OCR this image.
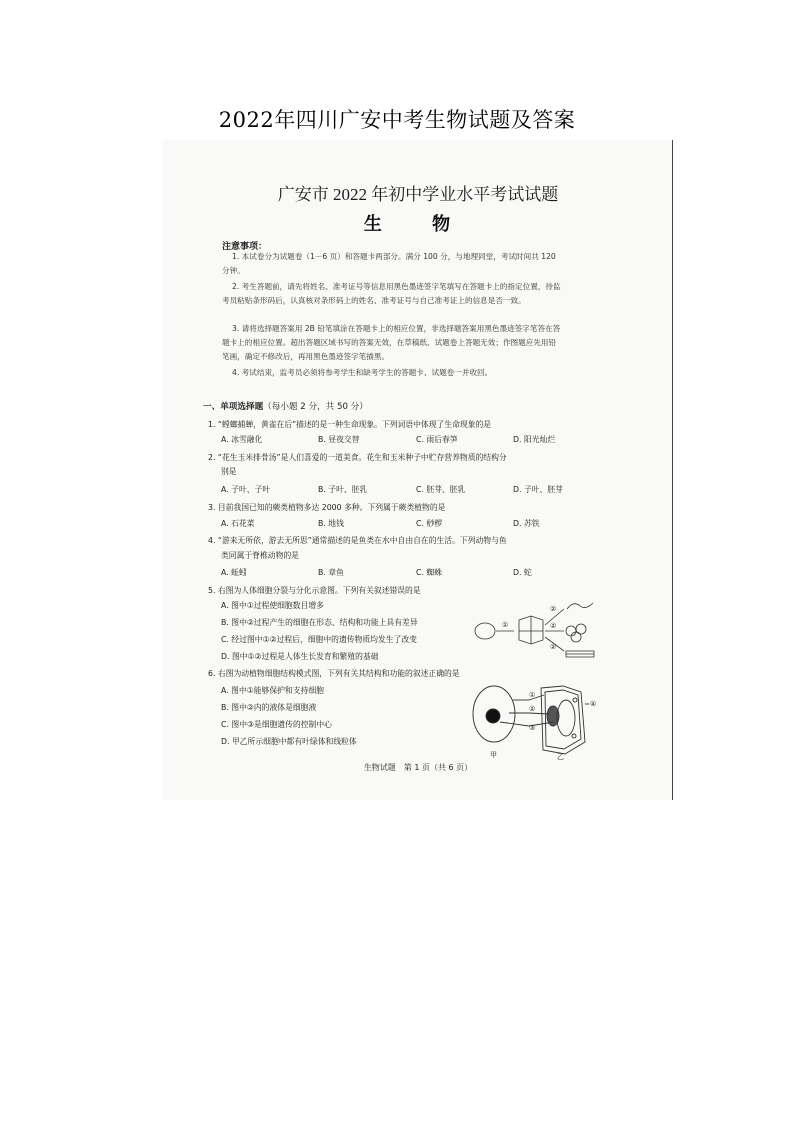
2022年四川广安中考生物试题及答案
广安市 2022 年初中学业水平考试试题
生 物
注意事项：
1. 本试卷分为试题卷（1－6 页）和答题卡两部分。满分 100 分，与地理同堂，考试时间共 120 分钟。
2. 考生答题前，请先将姓名、准考证号等信息用黑色墨迹签字笔填写在答题卡上的指定位置，待监考员粘贴条形码后，认真核对条形码上的姓名、准考证号与自己准考证上的信息是否一致。
3. 请将选择题答案用 2B 铅笔填涂在答题卡上的相应位置，非选择题答案用黑色墨迹签字笔答在答题卡上的相应位置。超出答题区域书写的答案无效，在草稿纸、试题卷上答题无效；作图题应先用铅笔画，确定不修改后，再用黑色墨迹签字笔描黑。
4. 考试结束，监考员必须将参考学生和缺考学生的答题卡、试题卷一并收回。
一、单项选择题（每小题 2 分，共 50 分）
1. “螳螂捕蝉，黄雀在后”描述的是一种生命现象。下列词语中体现了生命现象的是
A. 冰雪融化	B. 昼夜交替	C. 雨后春笋	D. 阳光灿烂
2. “花生玉米排骨汤”是人们喜爱的一道美食。花生和玉米种子中贮存营养物质的结构分
别是
A. 子叶、子叶	B. 子叶、胚乳	C. 胚芽、胚乳	D. 子叶、胚芽
3. 目前我国已知的蕨类植物多达 2000 多种。下列属于蕨类植物的是
A. 石花菜	B. 地钱	C. 桫椤	D. 苏铁
4. “游来无所依，游去无所思”通常描述的是鱼类在水中自由自在的生活。下列动物与鱼
类同属于脊椎动物的是
A. 蚯蚓	B. 章鱼	C. 蜘蛛	D. 蛇
5. 右图为人体细胞分裂与分化示意图。下列有关叙述错误的是
A. 图中①过程使细胞数目增多
B. 图中②过程产生的细胞在形态、结构和功能上具有差异
C. 经过图中①②过程后，细胞中的遗传物质均发生了改变
D. 图中①②过程是人体生长发育和繁殖的基础
①
②
②
②
6. 右图为动植物细胞结构模式图，下列有关其结构和功能的叙述正确的是
A. 图中①能够保护和支持细胞
B. 图中②内的液体是细胞液
C. 图中③是细胞遗传的控制中心
D. 甲乙所示细胞中都有叶绿体和线粒体
①
②
③
④
甲	乙
生物试题　第 1 页（共 6 页）
